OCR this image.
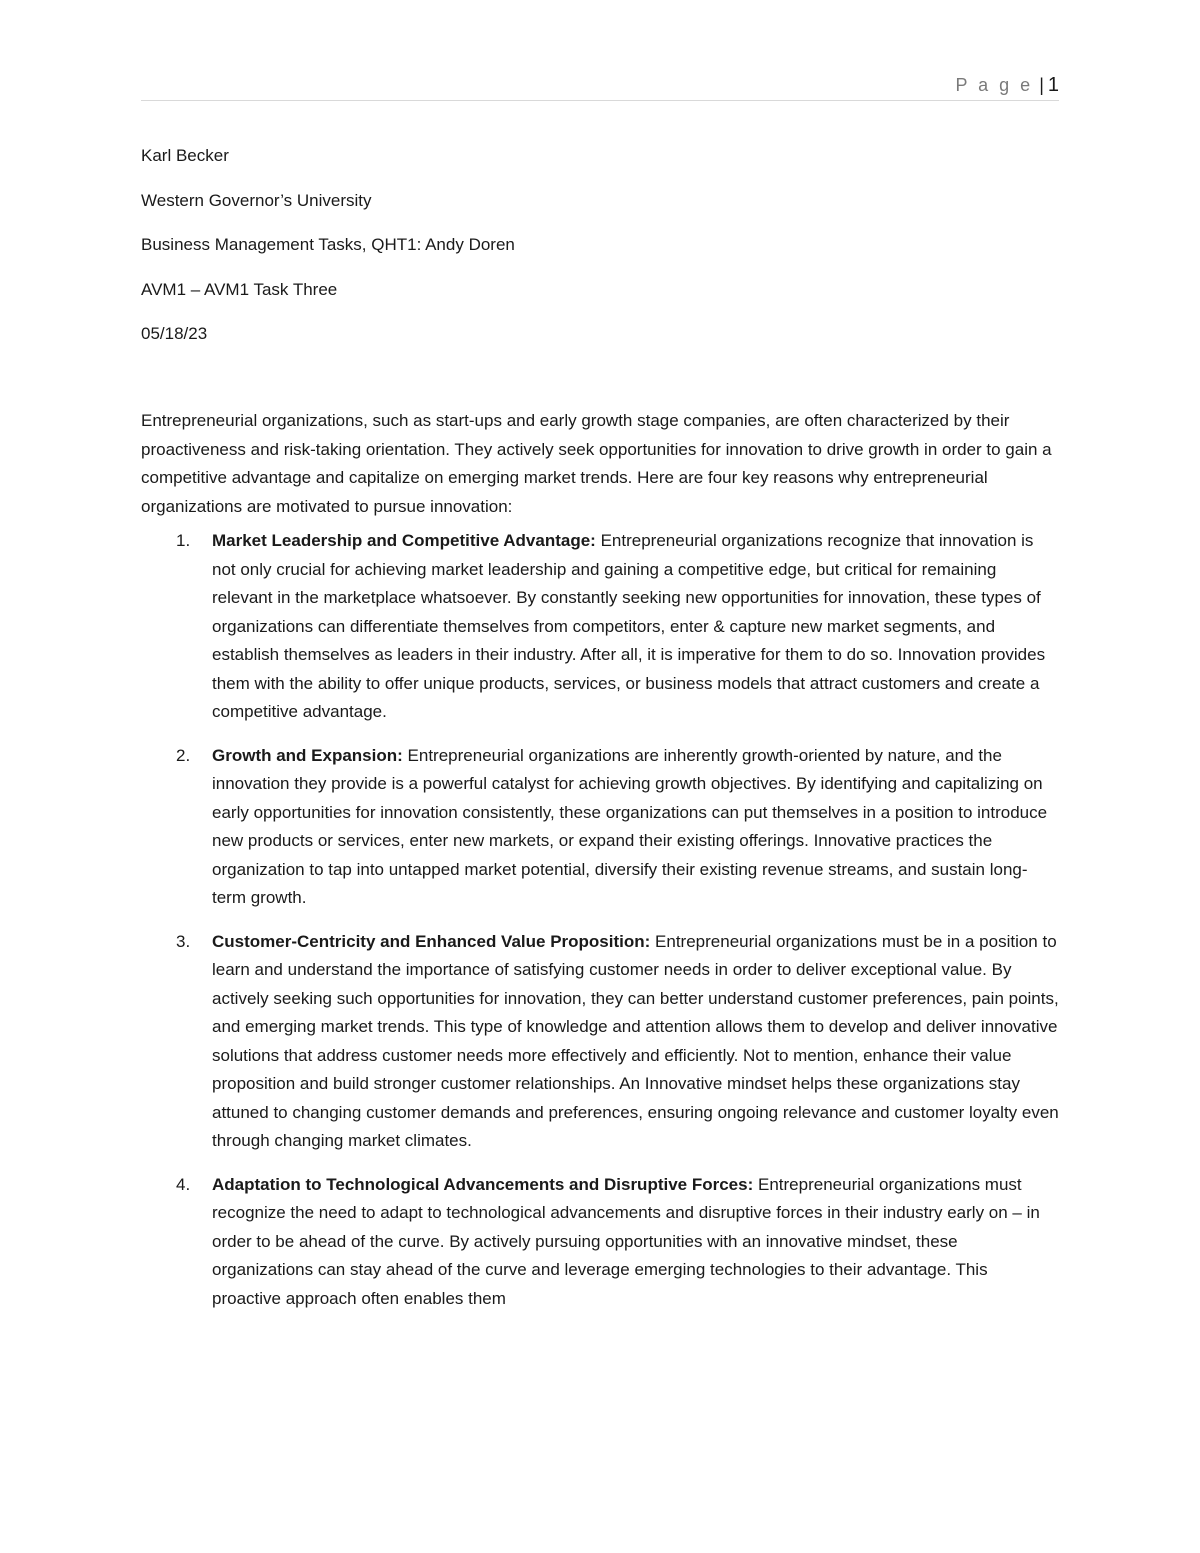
P a g e | 1

Karl Becker

Western Governor’s University

Business Management Tasks, QHT1: Andy Doren

AVM1 – AVM1 Task Three

05/18/23

Entrepreneurial organizations, such as start-ups and early growth stage companies, are often characterized by their proactiveness and risk-taking orientation. They actively seek opportunities for innovation to drive growth in order to gain a competitive advantage and capitalize on emerging market trends. Here are four key reasons why entrepreneurial organizations are motivated to pursue innovation:

1. Market Leadership and Competitive Advantage: Entrepreneurial organizations recognize that innovation is not only crucial for achieving market leadership and gaining a competitive edge, but critical for remaining relevant in the marketplace whatsoever. By constantly seeking new opportunities for innovation, these types of organizations can differentiate themselves from competitors, enter & capture new market segments, and establish themselves as leaders in their industry. After all, it is imperative for them to do so. Innovation provides them with the ability to offer unique products, services, or business models that attract customers and create a competitive advantage.
2. Growth and Expansion: Entrepreneurial organizations are inherently growth-oriented by nature, and the innovation they provide is a powerful catalyst for achieving growth objectives. By identifying and capitalizing on early opportunities for innovation consistently, these organizations can put themselves in a position to introduce new products or services, enter new markets, or expand their existing offerings. Innovative practices the organization to tap into untapped market potential, diversify their existing revenue streams, and sustain long-term growth.
3. Customer-Centricity and Enhanced Value Proposition: Entrepreneurial organizations must be in a position to learn and understand the importance of satisfying customer needs in order to deliver exceptional value. By actively seeking such opportunities for innovation, they can better understand customer preferences, pain points, and emerging market trends. This type of knowledge and attention allows them to develop and deliver innovative solutions that address customer needs more effectively and efficiently. Not to mention, enhance their value proposition and build stronger customer relationships. An Innovative mindset helps these organizations stay attuned to changing customer demands and preferences, ensuring ongoing relevance and customer loyalty even through changing market climates.
4. Adaptation to Technological Advancements and Disruptive Forces: Entrepreneurial organizations must recognize the need to adapt to technological advancements and disruptive forces in their industry early on – in order to be ahead of the curve. By actively pursuing opportunities with an innovative mindset, these organizations can stay ahead of the curve and leverage emerging technologies to their advantage. This proactive approach often enables them
